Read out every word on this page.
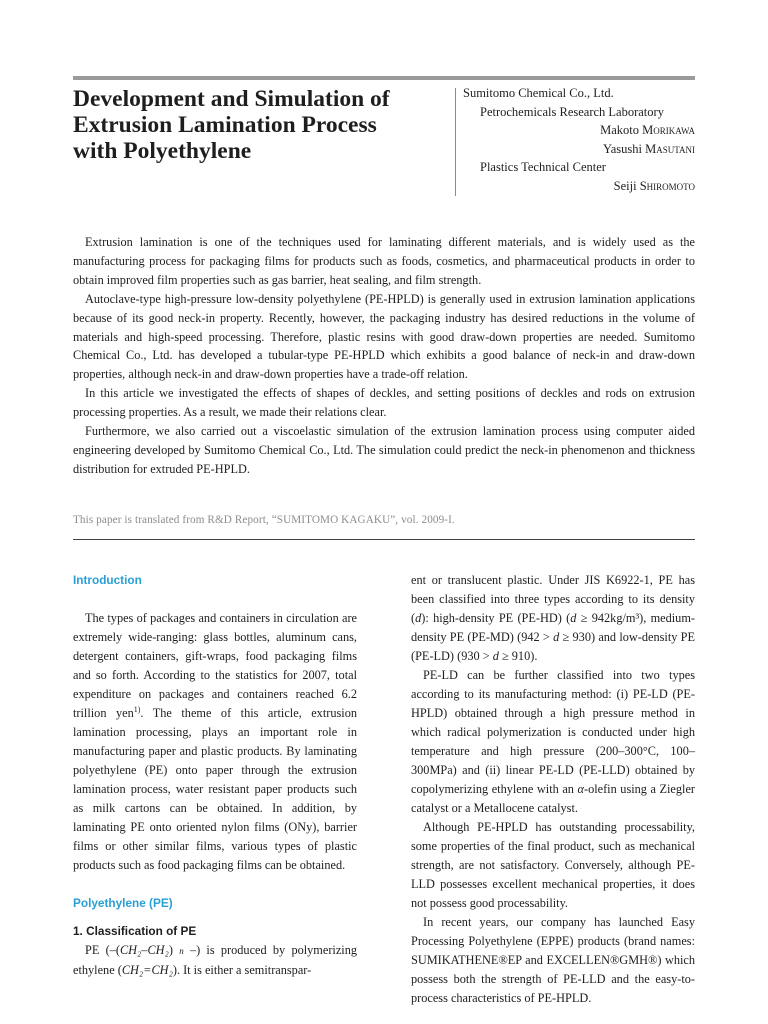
Development and Simulation of
Extrusion Lamination Process
with Polyethylene
Sumitomo Chemical Co., Ltd.
Petrochemicals Research Laboratory
Makoto Morikawa
Yasushi Masutani
Plastics Technical Center
Seiji Shiromoto

Extrusion lamination is one of the techniques used for laminating different materials, and is widely used as the manufacturing process for packaging films for products such as foods, cosmetics, and pharmaceutical products in order to obtain improved film properties such as gas barrier, heat sealing, and film strength.

Autoclave-type high-pressure low-density polyethylene (PE-HPLD) is generally used in extrusion lamination applications because of its good neck-in property. Recently, however, the packaging industry has desired reductions in the volume of materials and high-speed processing. Therefore, plastic resins with good draw-down properties are needed. Sumitomo Chemical Co., Ltd. has developed a tubular-type PE-HPLD which exhibits a good balance of neck-in and draw-down properties, although neck-in and draw-down properties have a trade-off relation.

In this article we investigated the effects of shapes of deckles, and setting positions of deckles and rods on extrusion processing properties. As a result, we made their relations clear.

Furthermore, we also carried out a viscoelastic simulation of the extrusion lamination process using computer aided engineering developed by Sumitomo Chemical Co., Ltd. The simulation could predict the neck-in phenomenon and thickness distribution for extruded PE-HPLD.

This paper is translated from R&D Report, “SUMITOMO KAGAKU”, vol. 2009-I.

Introduction

The types of packages and containers in circulation are extremely wide-ranging: glass bottles, aluminum cans, detergent containers, gift-wraps, food packaging films and so forth. According to the statistics for 2007, total expenditure on packages and containers reached 6.2 trillion yen$^{1)}$. The theme of this article, extrusion lamination processing, plays an important role in manufacturing paper and plastic products. By laminating polyethylene (PE) onto paper through the extrusion lamination process, water resistant paper products such as milk cartons can be obtained. In addition, by laminating PE onto oriented nylon films (ONy), barrier films or other similar films, various types of plastic products such as food packaging films can be obtained.

Polyethylene (PE)

1. Classification of PE

PE (–(CH₂–CH₂) n –) is produced by polymerizing ethylene (CH₂=CH₂). It is either a semitranspar-

ent or translucent plastic. Under JIS K6922-1, PE has been classified into three types according to its density (d): high-density PE (PE-HD) (d ≥ 942kg/m³), medium-density PE (PE-MD) (942 > d ≥ 930) and low-density PE (PE-LD) (930 > d ≥ 910).

PE-LD can be further classified into two types according to its manufacturing method: (i) PE-LD (PE-HPLD) obtained through a high pressure method in which radical polymerization is conducted under high temperature and high pressure (200–300°C, 100–300MPa) and (ii) linear PE-LD (PE-LLD) obtained by copolymerizing ethylene with an α-olefin using a Ziegler catalyst or a Metallocene catalyst.

Although PE-HPLD has outstanding processability, some properties of the final product, such as mechanical strength, are not satisfactory. Conversely, although PE-LLD possesses excellent mechanical properties, it does not possess good processability.

In recent years, our company has launched Easy Processing Polyethylene (EPPE) products (brand names: SUMIKATHENE®EP and EXCELLEN®GMH®) which possess both the strength of PE-LLD and the easy-to-process characteristics of PE-HPLD.
